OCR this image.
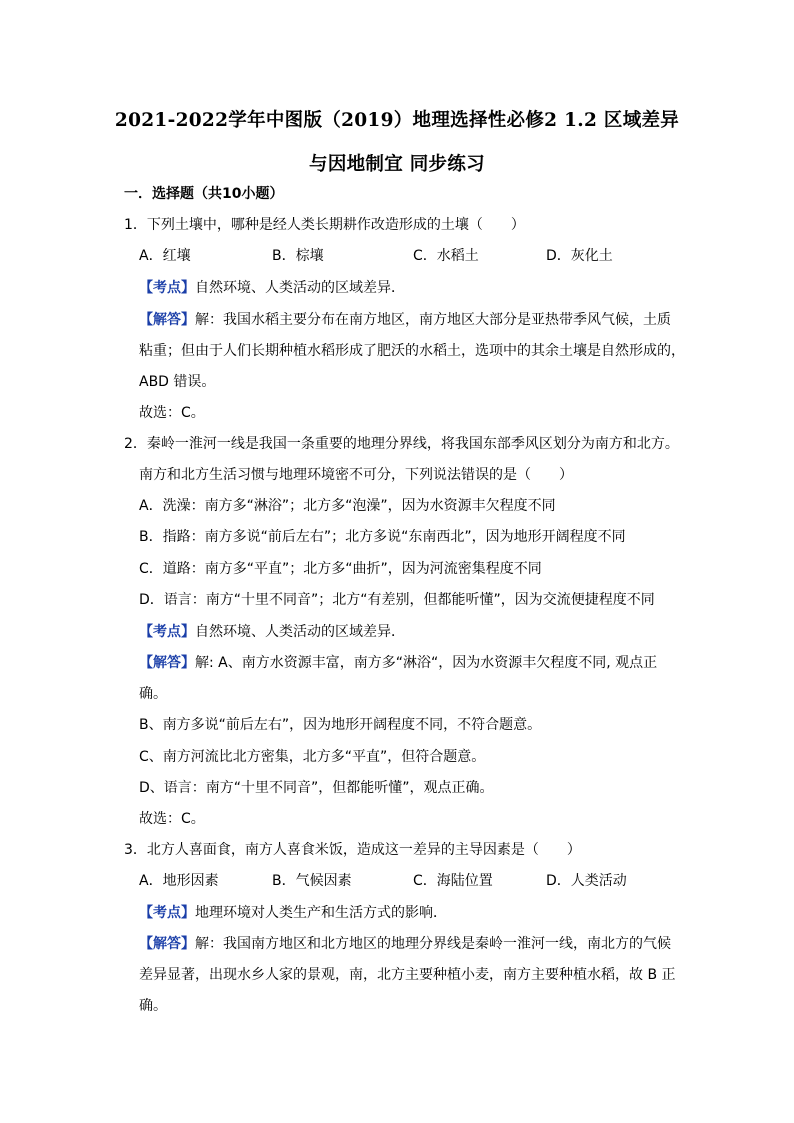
2021-2022学年中图版（2019）地理选择性必修2 1.2 区域差异
与因地制宜 同步练习
一．选择题（共10小题）
1．下列土壤中，哪种是经人类长期耕作改造形成的土壤（　　）
A．红壤	B．棕壤	C．水稻土	D．灰化土
【考点】自然环境、人类活动的区域差异．
【解答】解：我国水稻主要分布在南方地区，南方地区大部分是亚热带季风气候，土质
粘重；但由于人们长期种植水稻形成了肥沃的水稻土，选项中的其余土壤是自然形成的，
ABD 错误。
故选：C。
2．秦岭一淮河一线是我国一条重要的地理分界线，将我国东部季风区划分为南方和北方。
南方和北方生活习惯与地理环境密不可分，下列说法错误的是（　　）
A．洗澡：南方多“淋浴”；北方多“泡澡”，因为水资源丰欠程度不同
B．指路：南方多说“前后左右”；北方多说“东南西北”，因为地形开阔程度不同
C．道路：南方多“平直”；北方多“曲折”，因为河流密集程度不同
D．语言：南方“十里不同音”；北方“有差别，但都能听懂”，因为交流便捷程度不同
【考点】自然环境、人类活动的区域差异．
【解答】解: A、南方水资源丰富，南方多“淋浴“，因为水资源丰欠程度不同, 观点正
确。
B、南方多说“前后左右”，因为地形开阔程度不同，不符合题意。
C、南方河流比北方密集，北方多“平直”，但符合题意。
D、语言：南方“十里不同音”，但都能听懂”，观点正确。
故选：C。
3．北方人喜面食，南方人喜食米饭，造成这一差异的主导因素是（　　）
A．地形因素	B．气候因素	C．海陆位置	D．人类活动
【考点】地理环境对人类生产和生活方式的影响．
【解答】解：我国南方地区和北方地区的地理分界线是秦岭一淮河一线，南北方的气候
差异显著，出现水乡人家的景观，南，北方主要种植小麦，南方主要种植水稻，故 B 正
确。
